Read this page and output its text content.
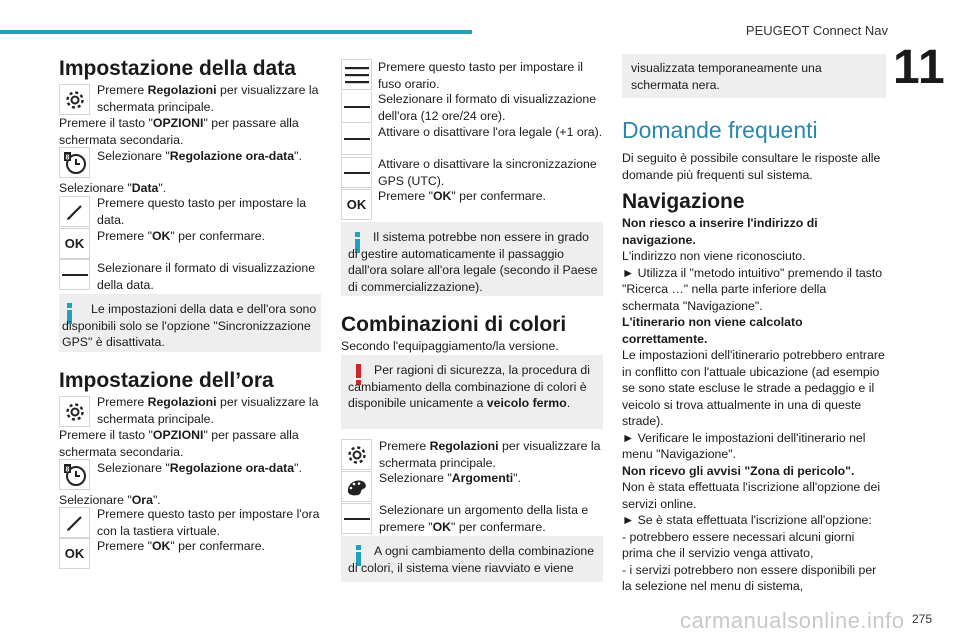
PEUGEOT Connect Nav
11
Impostazione della data
Premere Regolazioni per visualizzare la schermata principale.
Premere il tasto "OPZIONI" per passare alla schermata secondaria.
8 Selezionare "Regolazione ora-data".
Selezionare "Data".
Premere questo tasto per impostare la data.
OK Premere "OK" per confermare.
Selezionare il formato di visualizzazione della data.
Le impostazioni della data e dell'ora sono disponibili solo se l'opzione "Sincronizzazione GPS" è disattivata.
Impostazione dell’ora
Premere Regolazioni per visualizzare la schermata principale.
Premere il tasto "OPZIONI" per passare alla schermata secondaria.
8 Selezionare "Regolazione ora-data".
Selezionare "Ora".
Premere questo tasto per impostare l'ora con la tastiera virtuale.
OK Premere "OK" per confermare.
Premere questo tasto per impostare il fuso orario.
Selezionare il formato di visualizzazione dell'ora (12 ore/24 ore).
Attivare o disattivare l'ora legale (+1 ora).
Attivare o disattivare la sincronizzazione GPS (UTC).
OK
Premere "OK" per confermare.
Il sistema potrebbe non essere in grado di gestire automaticamente il passaggio dall'ora solare all'ora legale (secondo il Paese di commercializzazione).
Combinazioni di colori
Secondo l'equipaggiamento/la versione.
Per ragioni di sicurezza, la procedura di cambiamento della combinazione di colori è disponibile unicamente a veicolo fermo.
Premere Regolazioni per visualizzare la schermata principale.
Selezionare "Argomenti".
Selezionare un argomento della lista e premere "OK" per confermare.
A ogni cambiamento della combinazione di colori, il sistema viene riavviato e viene
visualizzata temporaneamente una schermata nera.
Domande frequenti
Di seguito è possibile consultare le risposte alle domande più frequenti sul sistema.
Navigazione
Non riesco a inserire l'indirizzo di navigazione.
L'indirizzo non viene riconosciuto.
► Utilizza il "metodo intuitivo" premendo il tasto "Ricerca …" nella parte inferiore della schermata "Navigazione".
L'itinerario non viene calcolato correttamente.
Le impostazioni dell'itinerario potrebbero entrare in conflitto con l'attuale ubicazione (ad esempio se sono state escluse le strade a pedaggio e il veicolo si trova attualmente in una di queste strade).
► Verificare le impostazioni dell'itinerario nel menu "Navigazione".
Non ricevo gli avvisi "Zona di pericolo".
Non è stata effettuata l'iscrizione all'opzione dei servizi online.
► Se è stata effettuata l'iscrizione all'opzione:
- potrebbero essere necessari alcuni giorni prima che il servizio venga attivato,
- i servizi potrebbero non essere disponibili per la selezione nel menu di sistema,
carmanualsonline.info 275
